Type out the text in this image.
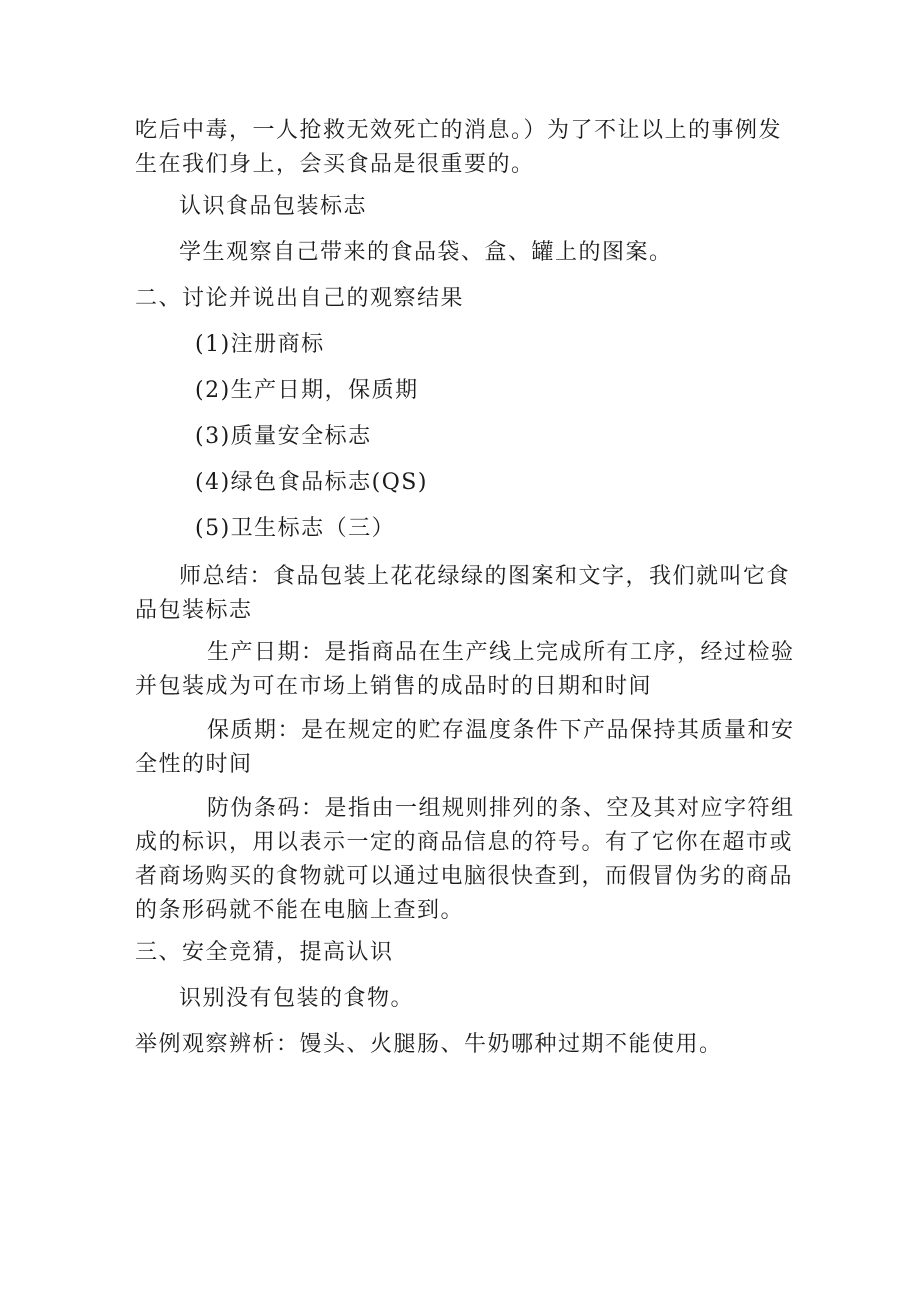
吃后中毒，一人抢救无效死亡的消息。）为了不让以上的事例发生在我们身上，会买食品是很重要的。
认识食品包装标志
学生观察自己带来的食品袋、盒、罐上的图案。
二、讨论并说出自己的观察结果
(1)注册商标
(2)生产日期，保质期
(3)质量安全标志
(4)绿色食品标志(QS)
(5)卫生标志（三）
师总结：食品包装上花花绿绿的图案和文字，我们就叫它食品包装标志
生产日期：是指商品在生产线上完成所有工序，经过检验并包装成为可在市场上销售的成品时的日期和时间
保质期：是在规定的贮存温度条件下产品保持其质量和安全性的时间
防伪条码：是指由一组规则排列的条、空及其对应字符组成的标识，用以表示一定的商品信息的符号。有了它你在超市或者商场购买的食物就可以通过电脑很快查到，而假冒伪劣的商品的条形码就不能在电脑上查到。
三、安全竞猜，提高认识
识别没有包装的食物。
举例观察辨析：馒头、火腿肠、牛奶哪种过期不能使用。
